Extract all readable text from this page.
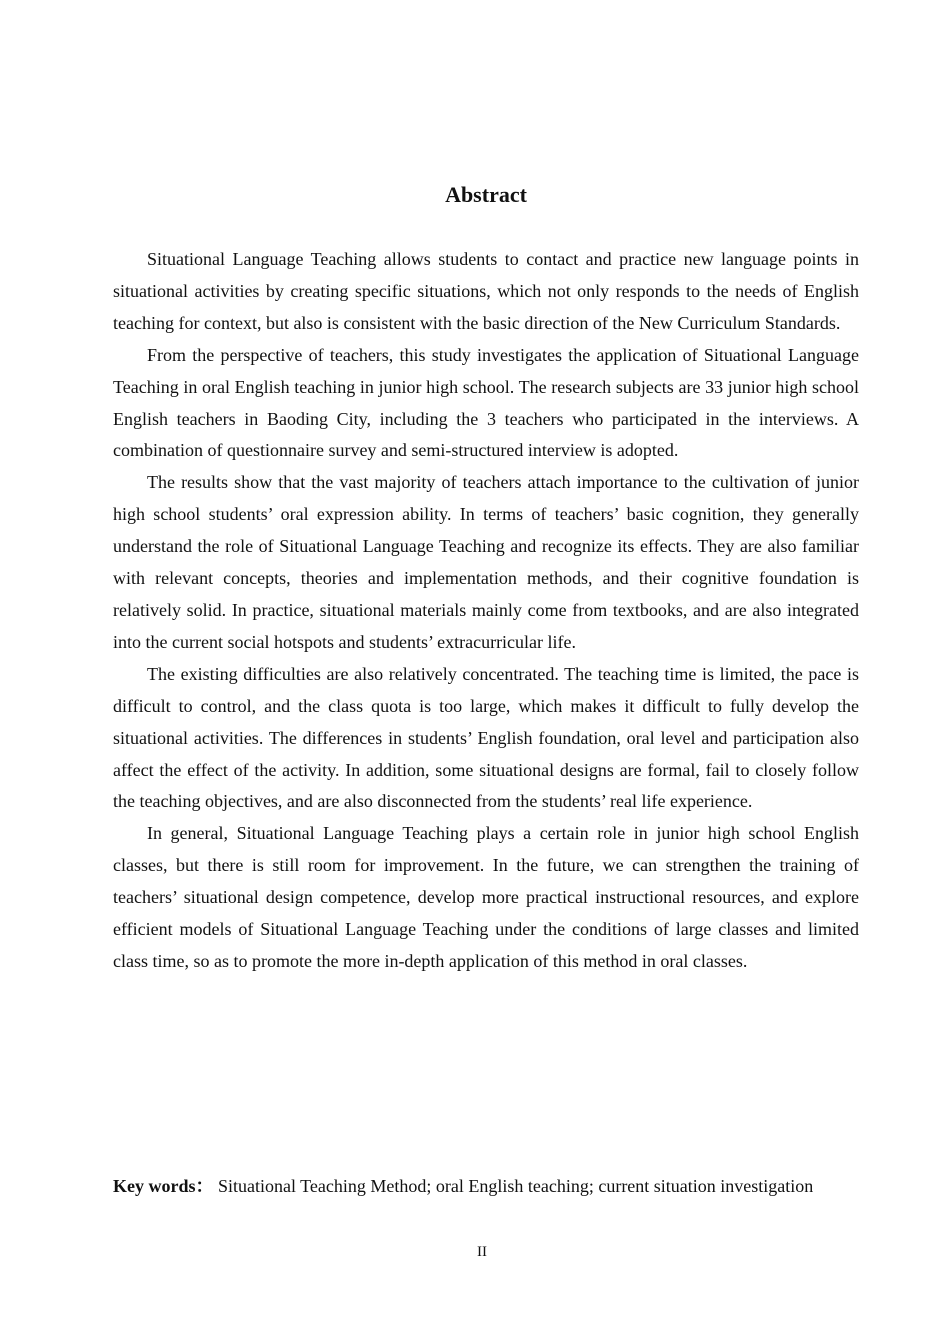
Abstract

Situational Language Teaching allows students to contact and practice new language points in situational activities by creating specific situations, which not only responds to the needs of English teaching for context, but also is consistent with the basic direction of the New Curriculum Standards.

From the perspective of teachers, this study investigates the application of Situational Language Teaching in oral English teaching in junior high school. The research subjects are 33 junior high school English teachers in Baoding City, including the 3 teachers who participated in the interviews. A combination of questionnaire survey and semi-structured interview is adopted.

The results show that the vast majority of teachers attach importance to the cultivation of junior high school students’ oral expression ability. In terms of teachers’ basic cognition, they generally understand the role of Situational Language Teaching and recognize its effects. They are also familiar with relevant concepts, theories and implementation methods, and their cognitive foundation is relatively solid. In practice, situational materials mainly come from textbooks, and are also integrated into the current social hotspots and students’ extracurricular life.

The existing difficulties are also relatively concentrated. The teaching time is limited, the pace is difficult to control, and the class quota is too large, which makes it difficult to fully develop the situational activities. The differences in students’ English foundation, oral level and participation also affect the effect of the activity. In addition, some situational designs are formal, fail to closely follow the teaching objectives, and are also disconnected from the students’ real life experience.

In general, Situational Language Teaching plays a certain role in junior high school English classes, but there is still room for improvement. In the future, we can strengthen the training of teachers’ situational design competence, develop more practical instructional resources, and explore efficient models of Situational Language Teaching under the conditions of large classes and limited class time, so as to promote the more in-depth application of this method in oral classes.

Key words： Situational Teaching Method; oral English teaching; current situation investigation

II
